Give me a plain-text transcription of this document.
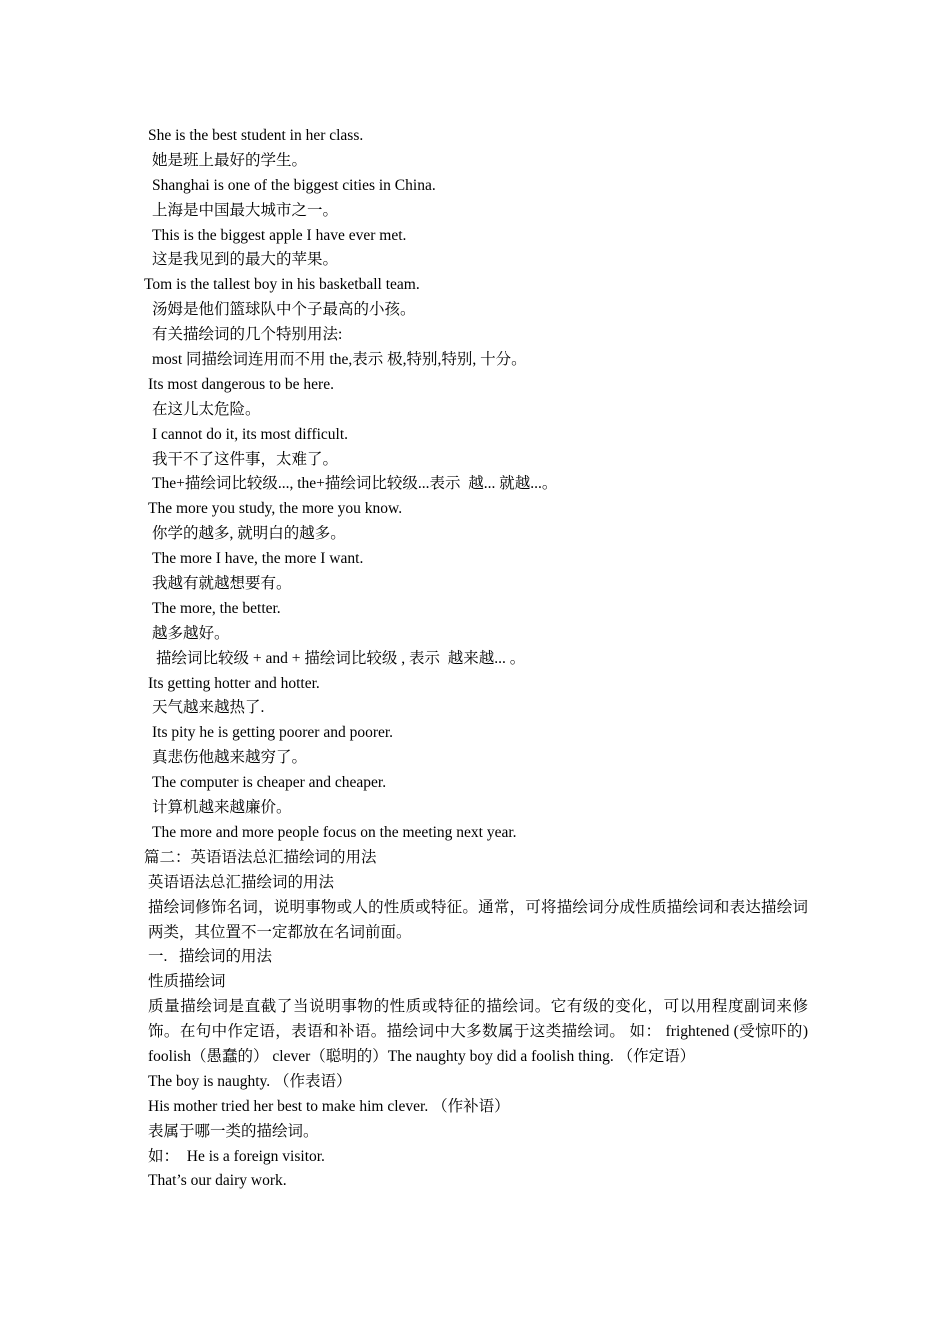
She is the best student in her class.
她是班上最好的学生。
Shanghai is one of the biggest cities in China.
上海是中国最大城市之一。
This is the biggest apple I have ever met.
这是我见到的最大的苹果。
Tom is the tallest boy in his basketball team.
汤姆是他们篮球队中个子最高的小孩。
有关描绘词的几个特别用法:
most 同描绘词连用而不用 the,表示 极,特别,特别, 十分。
Its most dangerous to be here.
在这儿太危险。
I cannot do it, its most difficult.
我干不了这件事，太难了。
The+描绘词比较级..., the+描绘词比较级...表示  越... 就越...。
The more you study, the more you know.
你学的越多, 就明白的越多。
The more I have, the more I want.
我越有就越想要有。
The more, the better.
越多越好。
描绘词比较级 + and + 描绘词比较级 , 表示  越来越... 。
Its getting hotter and hotter.
天气越来越热了.
Its pity he is getting poorer and poorer.
真悲伤他越来越穷了。
The computer is cheaper and cheaper.
计算机越来越廉价。
The more and more people focus on the meeting next year.
篇二：英语语法总汇描绘词的用法
英语语法总汇描绘词的用法
描绘词修饰名词，说明事物或人的性质或特征。通常，可将描绘词分成性质描绘词和表达描绘词两类，其位置不一定都放在名词前面。
一.   描绘词的用法
性质描绘词
质量描绘词是直截了当说明事物的性质或特征的描绘词。它有级的变化，可以用程度副词来修饰。在句中作定语，表语和补语。描绘词中大多数属于这类描绘词。 如： frightened (受惊吓的) foolish（愚蠢的） clever（聪明的）The naughty boy did a foolish thing. （作定语）
The boy is naughty. （作表语）
His mother tried her best to make him clever. （作补语）
表属于哪一类的描绘词。
如：  He is a foreign visitor.
That’s our dairy work.
